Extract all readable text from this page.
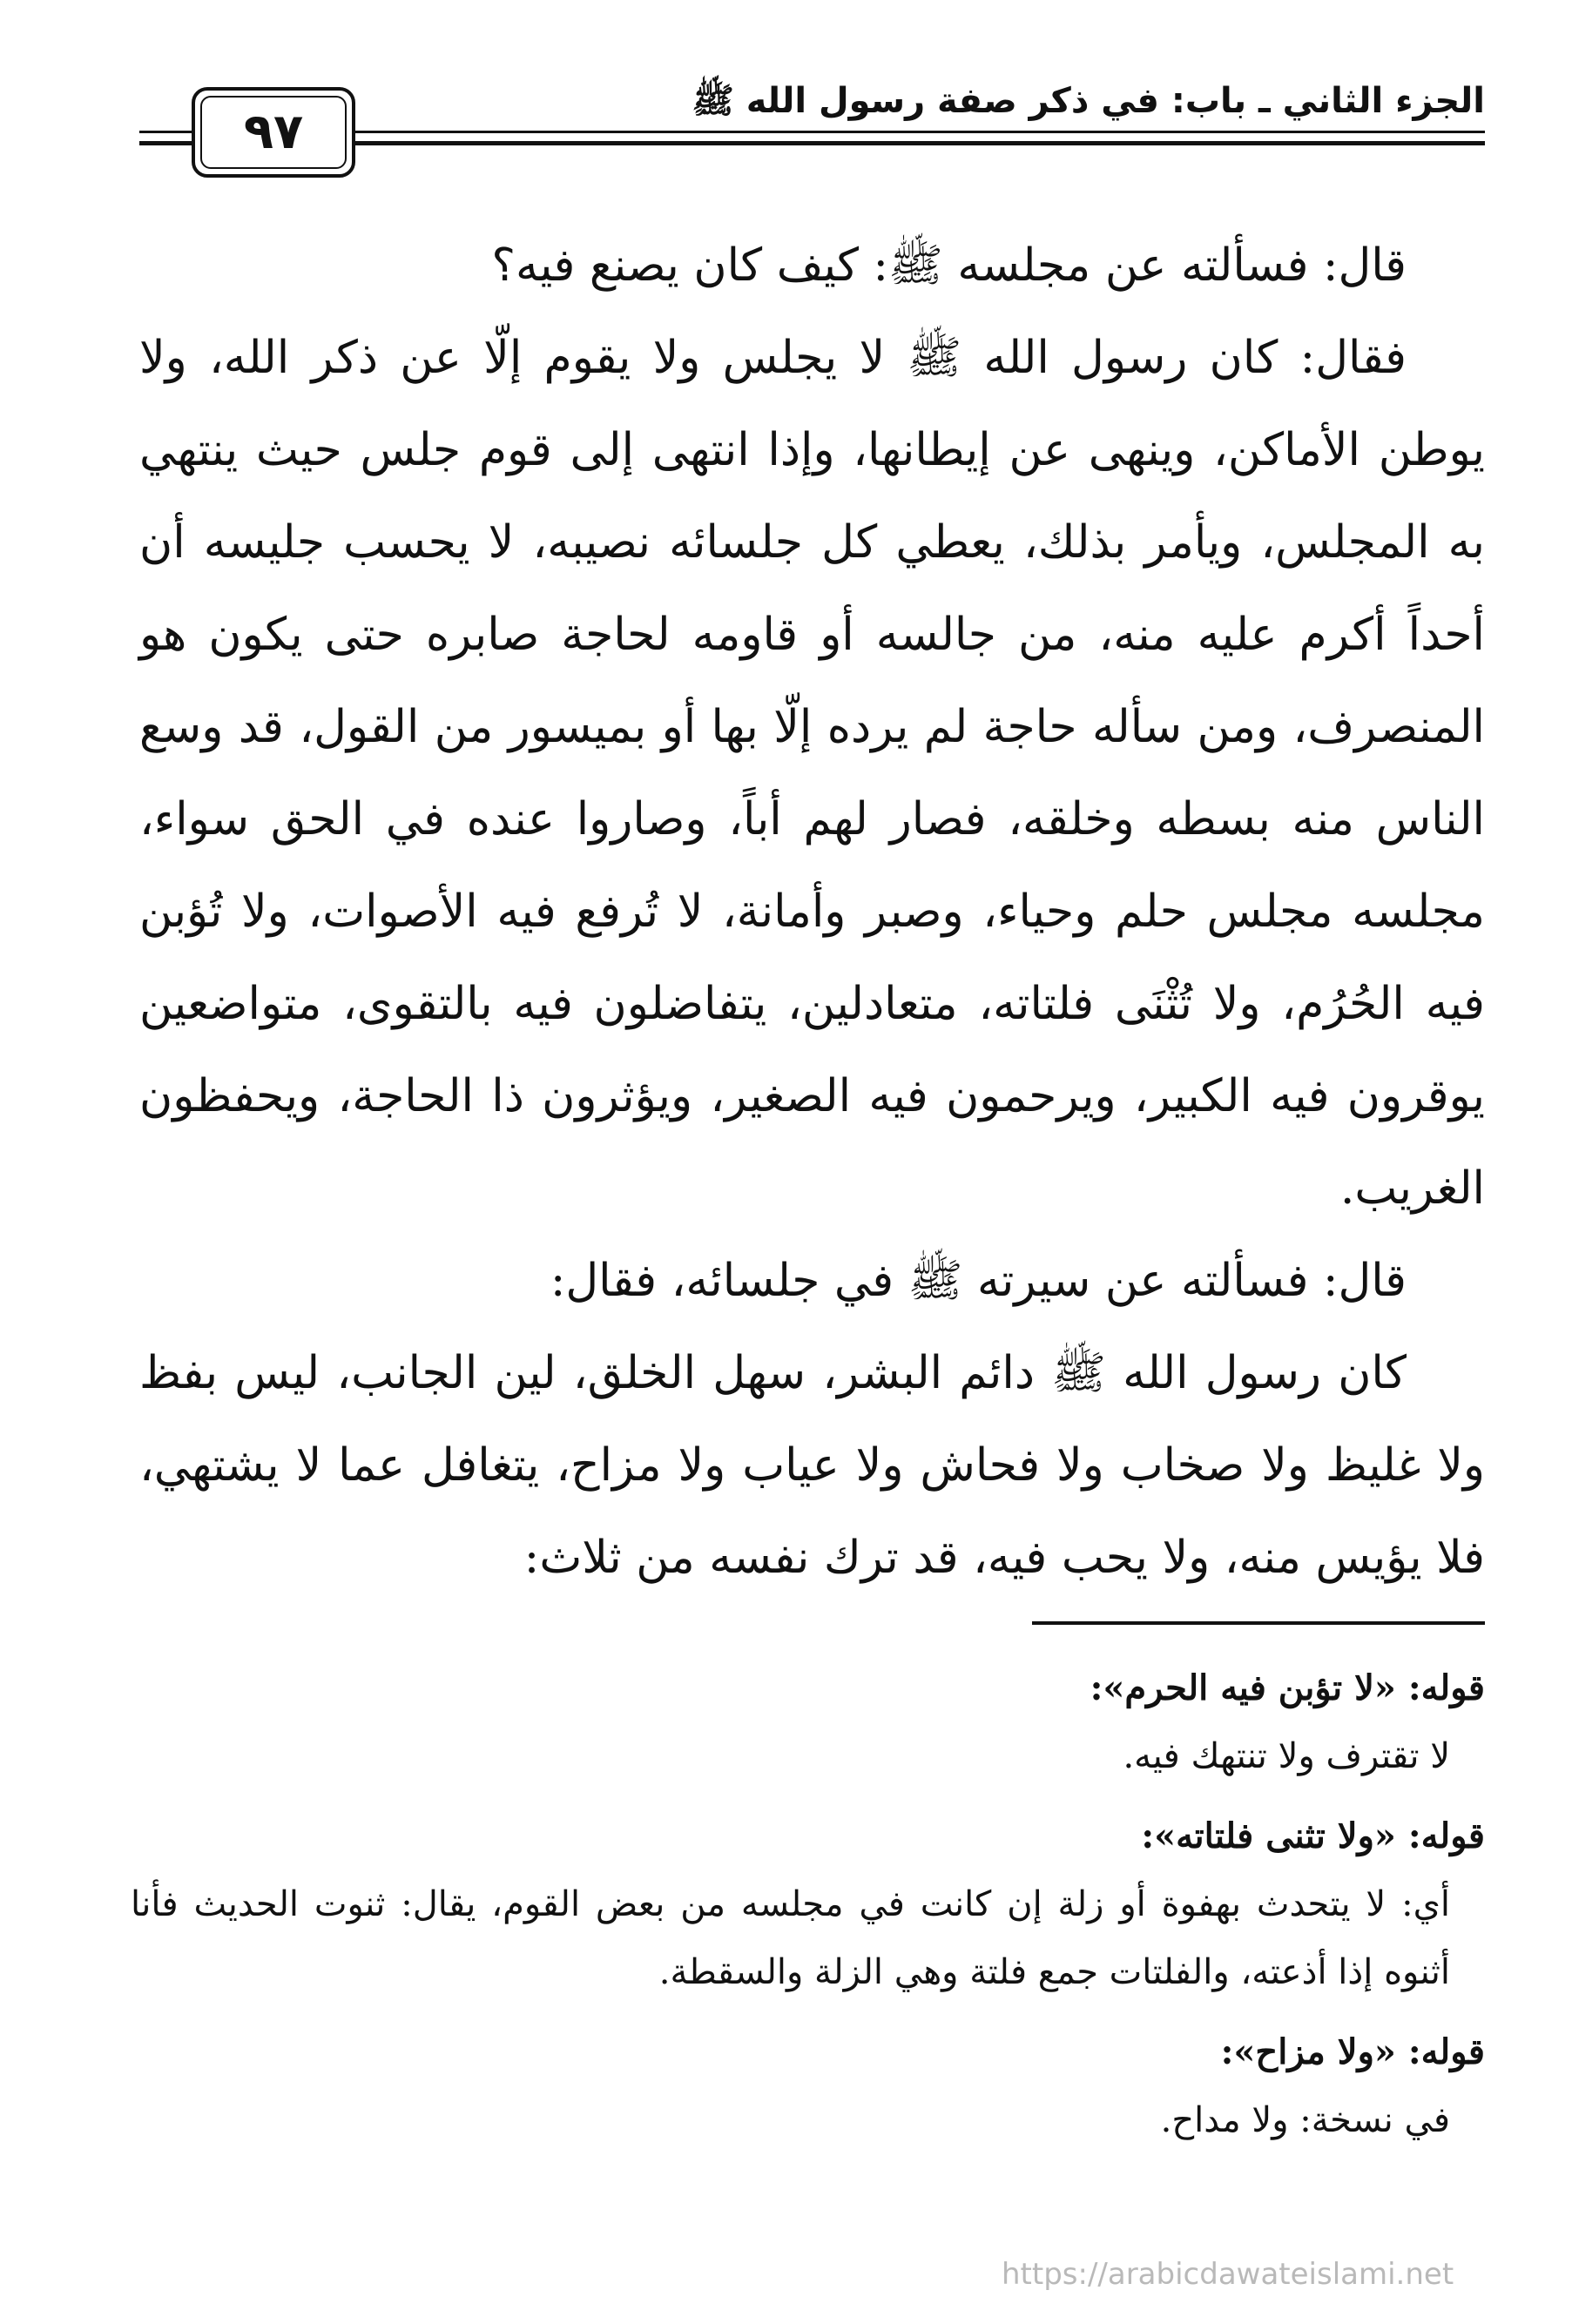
الجزء الثاني ـ باب: في ذكر صفة رسول الله ﷺ
٩٧

قال: فسألته عن مجلسه ﷺ: كيف كان يصنع فيه؟

فقال: كان رسول الله ﷺ لا يجلس ولا يقوم إلّا عن ذكر الله، ولا يوطن الأماكن، وينهى عن إيطانها، وإذا انتهى إلى قوم جلس حيث ينتهي به المجلس، ويأمر بذلك، يعطي كل جلسائه نصيبه، لا يحسب جليسه أن أحداً أكرم عليه منه، من جالسه أو قاومه لحاجة صابره حتى يكون هو المنصرف، ومن سأله حاجة لم يرده إلّا بها أو بميسور من القول، قد وسع الناس منه بسطه وخلقه، فصار لهم أباً، وصاروا عنده في الحق سواء، مجلسه مجلس حلم وحياء، وصبر وأمانة، لا تُرفع فيه الأصوات، ولا تُؤبن فيه الحُرُم، ولا تُثْنَى فلتاته، متعادلين، يتفاضلون فيه بالتقوى، متواضعين يوقرون فيه الكبير، ويرحمون فيه الصغير، ويؤثرون ذا الحاجة، ويحفظون الغريب.

قال: فسألته عن سيرته ﷺ في جلسائه، فقال:

كان رسول الله ﷺ دائم البشر، سهل الخلق، لين الجانب، ليس بفظ ولا غليظ ولا صخاب ولا فحاش ولا عياب ولا مزاح، يتغافل عما لا يشتهي، فلا يؤيس منه، ولا يحب فيه، قد ترك نفسه من ثلاث:

قوله: «لا تؤبن فيه الحرم»:

لا تقترف ولا تنتهك فيه.

قوله: «ولا تثنى فلتاته»:

أي: لا يتحدث بهفوة أو زلة إن كانت في مجلسه من بعض القوم، يقال: ثنوت الحديث فأنا أثنوه إذا أذعته، والفلتات جمع فلتة وهي الزلة والسقطة.

قوله: «ولا مزاح»:

في نسخة: ولا مداح.

https://arabicdawateislami.net
